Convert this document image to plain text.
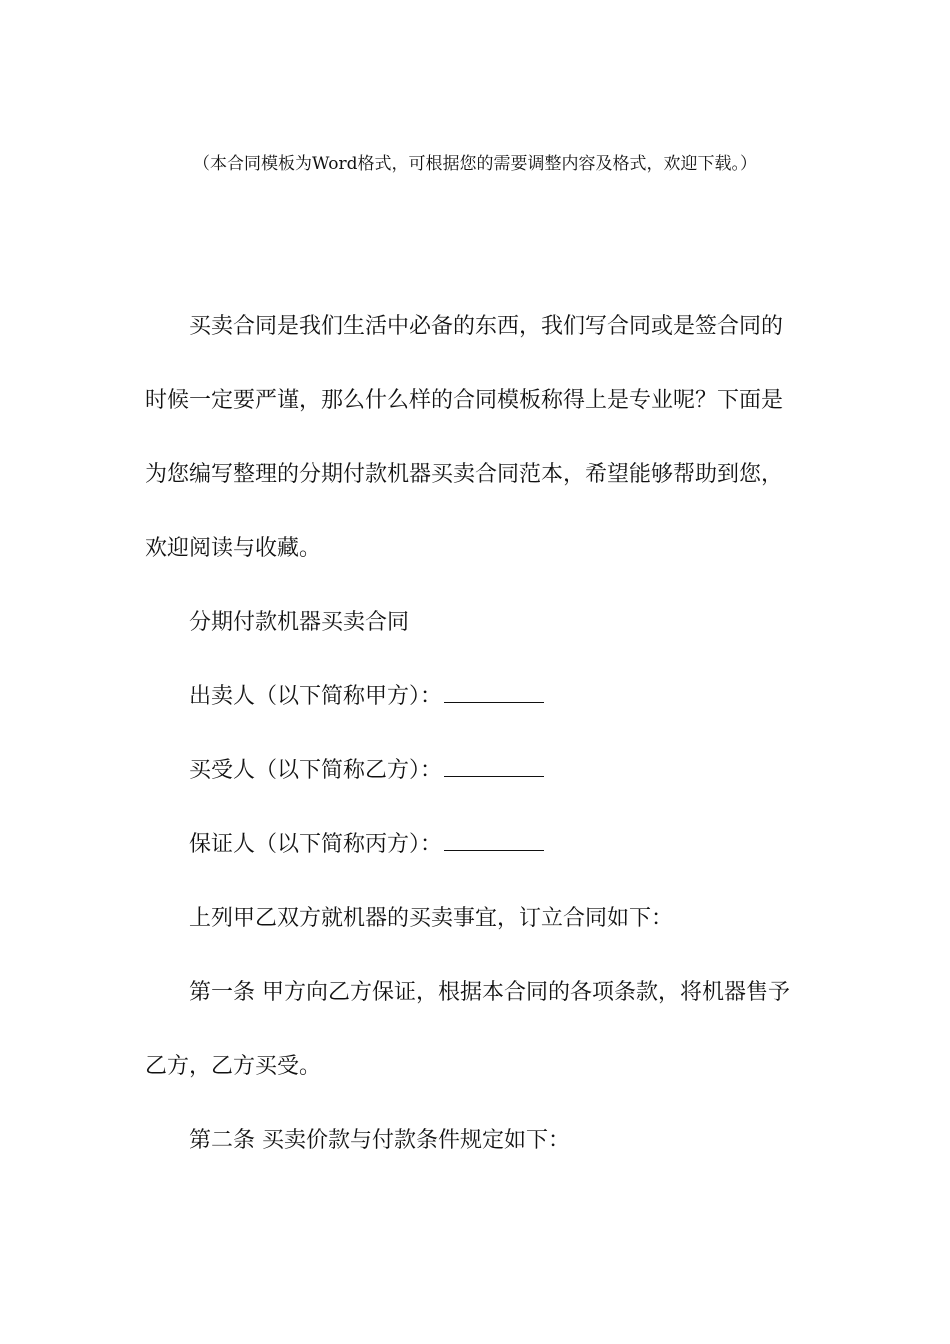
（本合同模板为Word格式，可根据您的需要调整内容及格式，欢迎下载。）

买卖合同是我们生活中必备的东西，我们写合同或是签合同的

时候一定要严谨，那么什么样的合同模板称得上是专业呢？下面是

为您编写整理的分期付款机器买卖合同范本，希望能够帮助到您，

欢迎阅读与收藏。

分期付款机器买卖合同

出卖人（以下简称甲方）：

买受人（以下简称乙方）：

保证人（以下简称丙方）：

上列甲乙双方就机器的买卖事宜，订立合同如下：

第一条 甲方向乙方保证，根据本合同的各项条款，将机器售予

乙方，乙方买受。

第二条 买卖价款与付款条件规定如下：
